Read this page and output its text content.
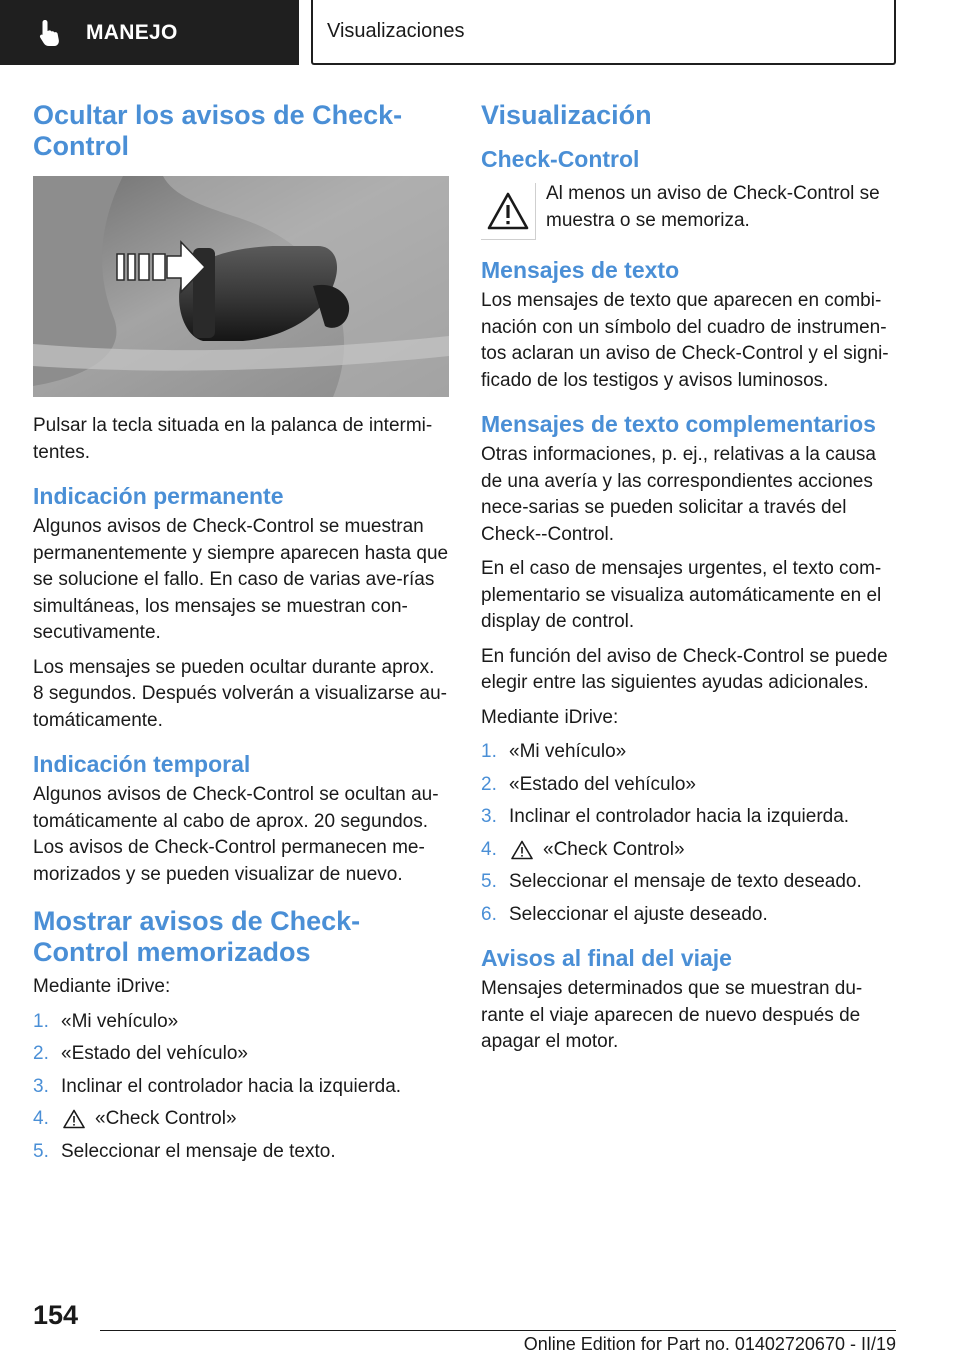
MANEJO	Visualizaciones
Ocultar los avisos de Check-Control

Pulsar la tecla situada en la palanca de intermi-tentes.

Indicación permanente

Algunos avisos de Check-Control se muestran permanentemente y siempre aparecen hasta que se solucione el fallo. En caso de varias ave-rías simultáneas, los mensajes se muestran con-secutivamente.

Los mensajes se pueden ocultar durante aprox. 8 segundos. Después volverán a visualizarse au-tomáticamente.

Indicación temporal

Algunos avisos de Check-Control se ocultan au-tomáticamente al cabo de aprox. 20 segundos. Los avisos de Check-Control permanecen me-morizados y se pueden visualizar de nuevo.

Mostrar avisos de Check-Control memorizados

Mediante iDrive:

1. «Mi vehículo»
2. «Estado del vehículo»
3. Inclinar el controlador hacia la izquierda.
4.	«Check Control»
5. Seleccionar el mensaje de texto.
Visualización
Check-Control

Al menos un aviso de Check-Control se muestra o se memoriza.

Mensajes de texto

Los mensajes de texto que aparecen en combi-nación con un símbolo del cuadro de instrumen-tos aclaran un aviso de Check-Control y el signi-ficado de los testigos y avisos luminosos.

Mensajes de texto complementarios

Otras informaciones, p. ej., relativas a la causa de una avería y las correspondientes acciones nece-sarias se pueden solicitar a través del Check--Control.

En el caso de mensajes urgentes, el texto com-plementario se visualiza automáticamente en el display de control.

En función del aviso de Check-Control se puede elegir entre las siguientes ayudas adicionales.

Mediante iDrive:

1. «Mi vehículo»
2. «Estado del vehículo»
3. Inclinar el controlador hacia la izquierda.
4.	«Check Control»
5. Seleccionar el mensaje de texto deseado.
6. Seleccionar el ajuste deseado.
Avisos al final del viaje

Mensajes determinados que se muestran du-rante el viaje aparecen de nuevo después de apagar el motor.

154
Online Edition for Part no. 01402720670 - II/19
